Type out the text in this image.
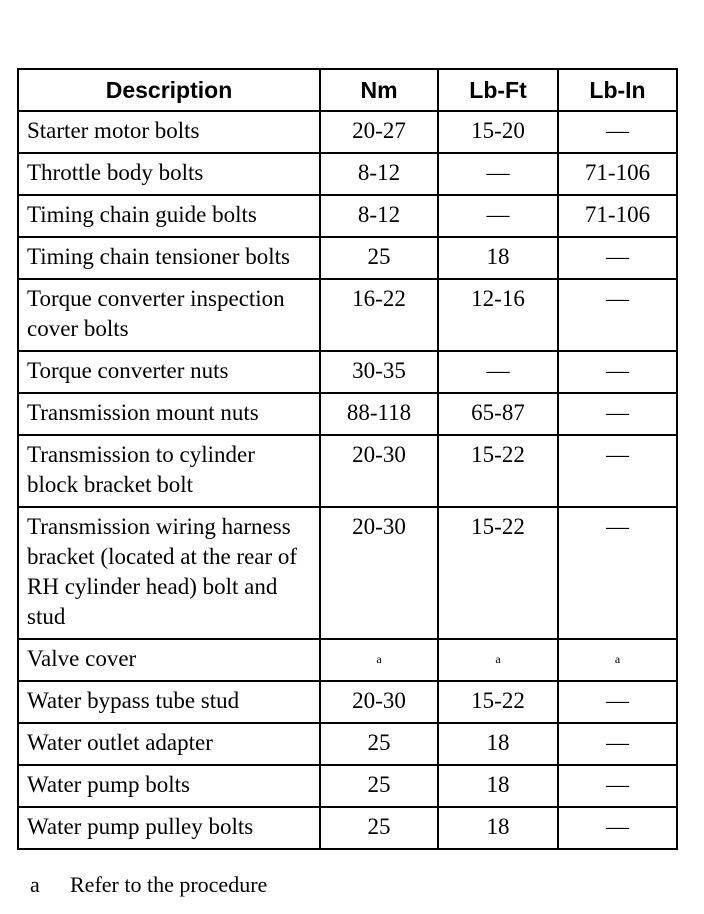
Description	Nm	Lb-Ft	Lb-In
Starter motor bolts	20-27	15-20	—
Throttle body bolts	8-12	—	71-106
Timing chain guide bolts	8-12	—	71-106
Timing chain tensioner bolts	25	18	—
Torque converter inspection cover bolts	16-22	12-16	—
Torque converter nuts	30-35	—	—
Transmission mount nuts	88-118	65-87	—
Transmission to cylinder block bracket bolt	20-30	15-22	—
Transmission wiring harness bracket (located at the rear of RH cylinder head) bolt and stud	20-30	15-22	—
Valve cover	a	a	a
Water bypass tube stud	20-30	15-22	—
Water outlet adapter	25	18	—
Water pump bolts	25	18	—
Water pump pulley bolts	25	18	—
a Refer to the procedure
